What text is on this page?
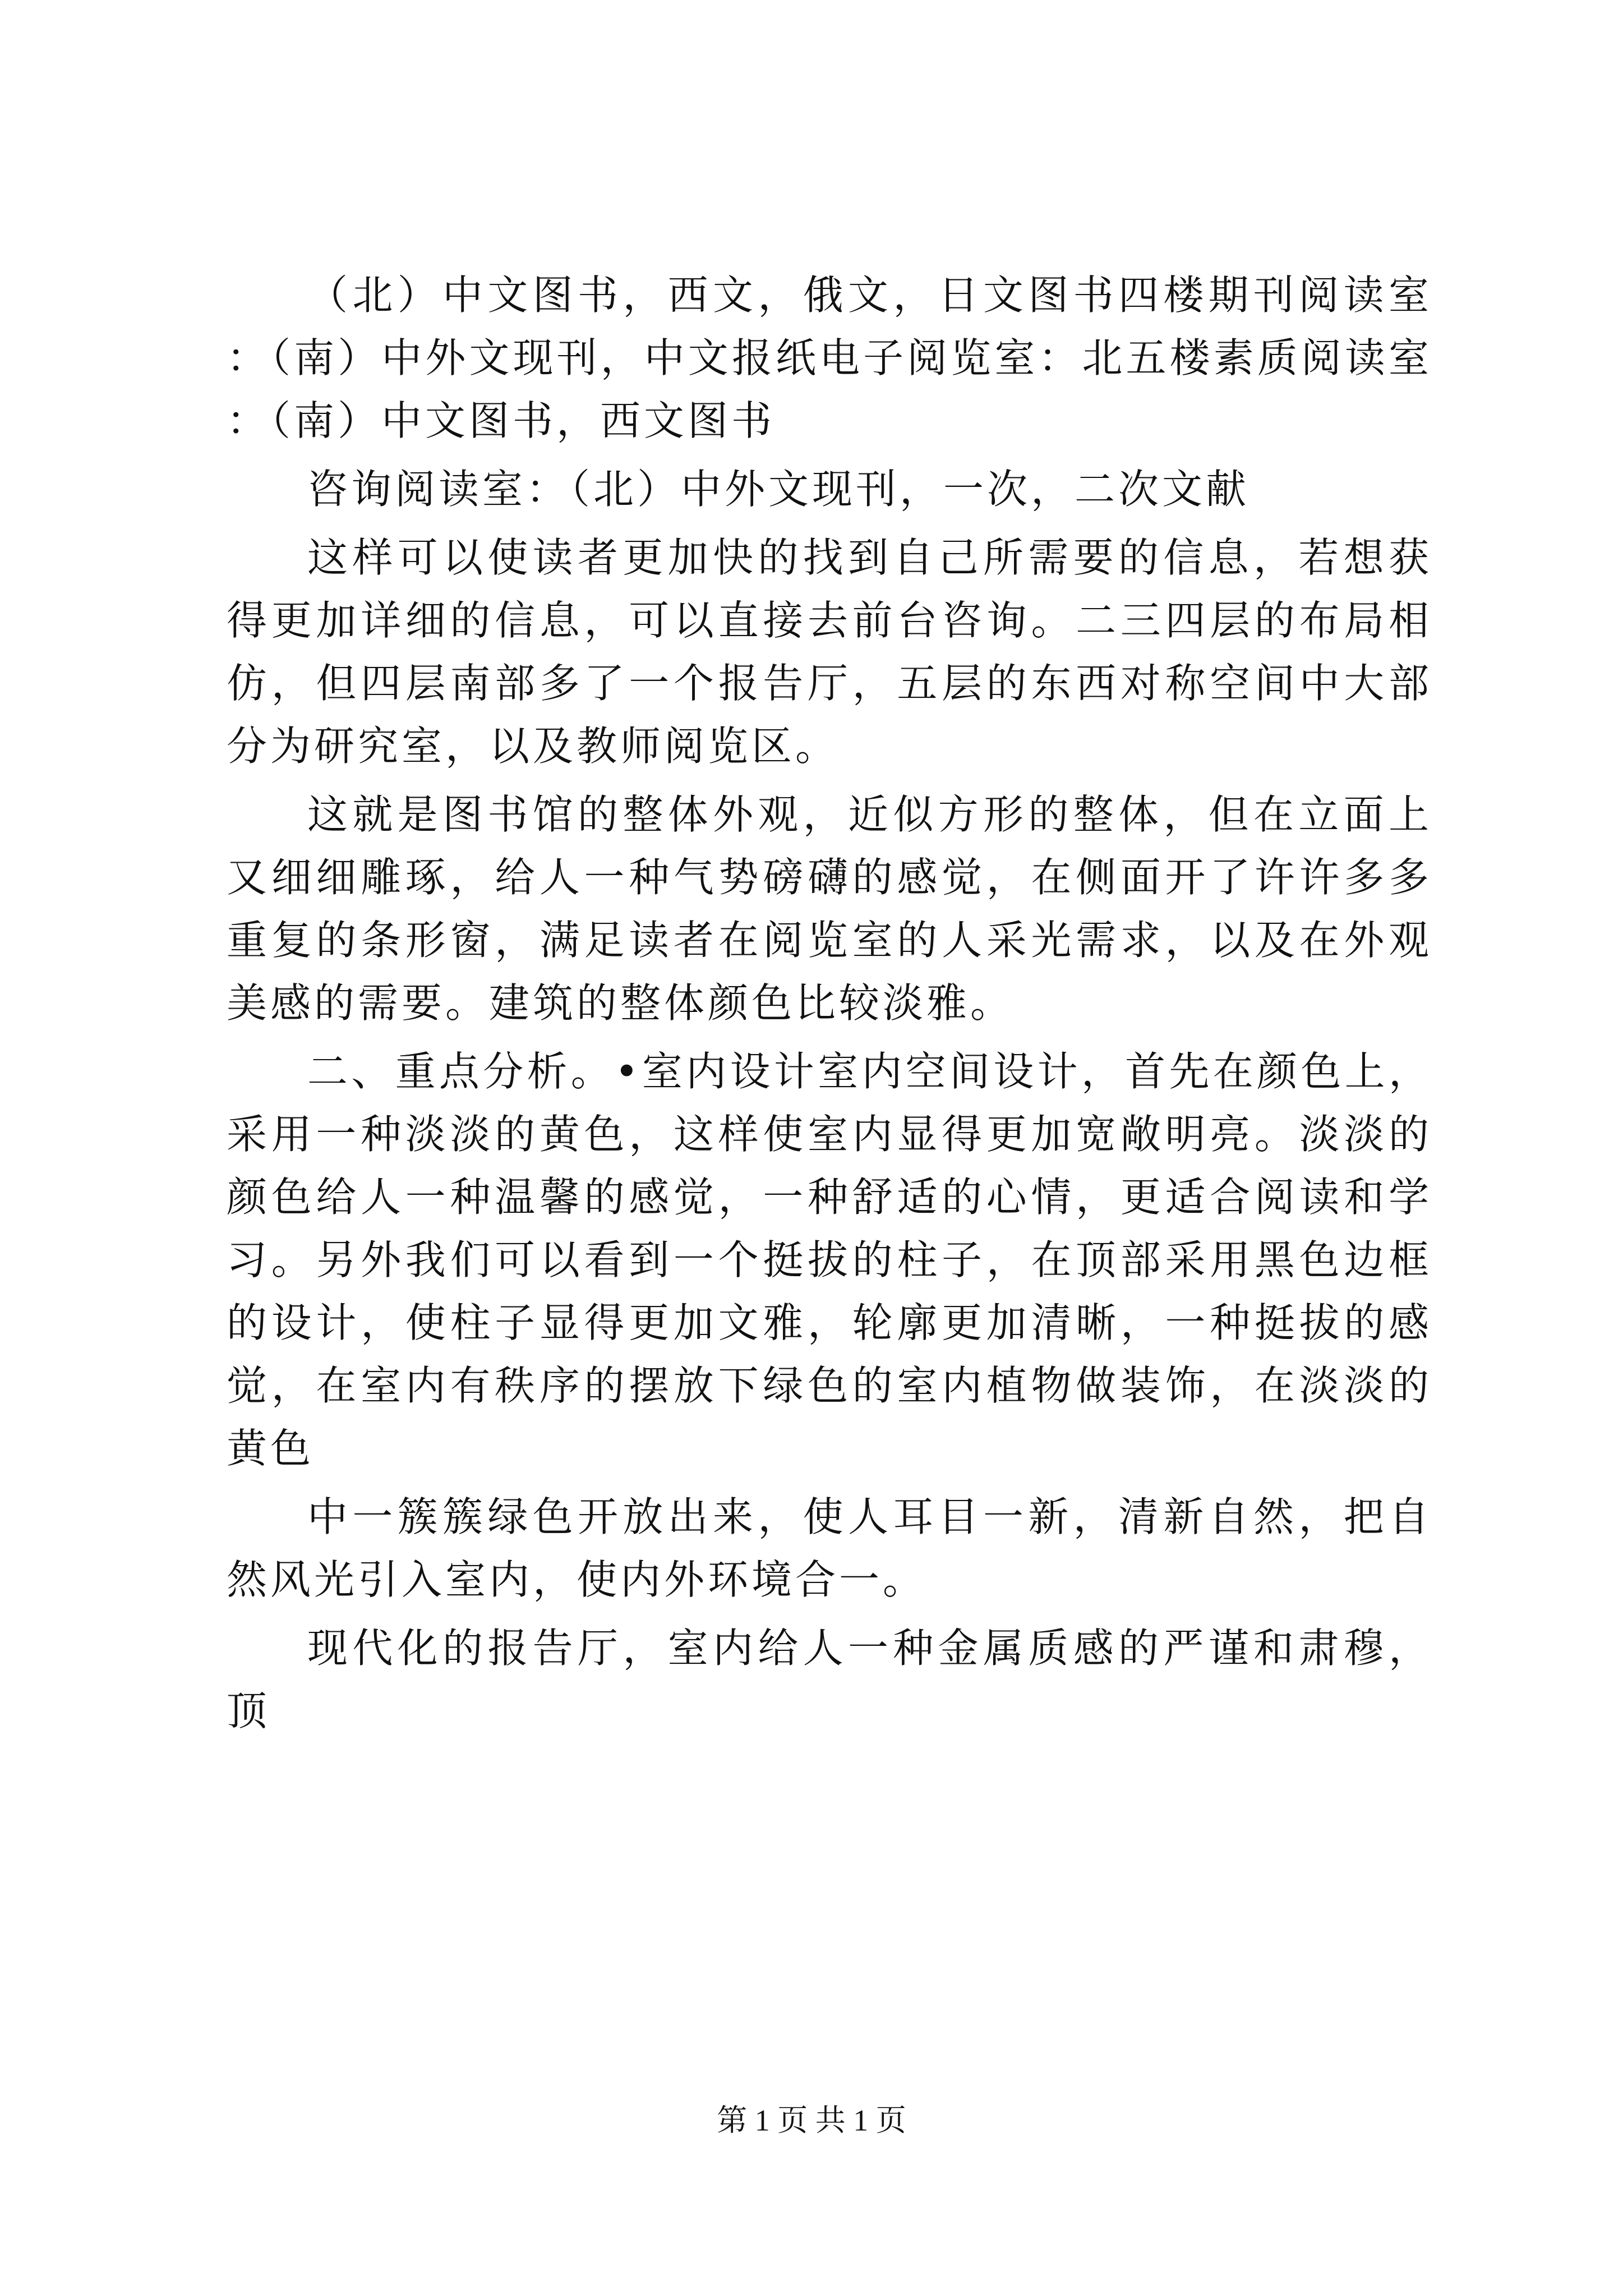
（北）中文图书，西文，俄文，日文图书四楼期刊阅读室：（南）中外文现刊，中文报纸电子阅览室：北五楼素质阅读室：（南）中文图书，西文图书

咨询阅读室：（北）中外文现刊，一次，二次文献

这样可以使读者更加快的找到自己所需要的信息，若想获得更加详细的信息，可以直接去前台咨询。二三四层的布局相仿，但四层南部多了一个报告厅，五层的东西对称空间中大部分为研究室，以及教师阅览区。

这就是图书馆的整体外观，近似方形的整体，但在立面上又细细雕琢，给人一种气势磅礴的感觉，在侧面开了许许多多重复的条形窗，满足读者在阅览室的人采光需求，以及在外观美感的需要。建筑的整体颜色比较淡雅。

二、重点分析。•室内设计室内空间设计，首先在颜色上，采用一种淡淡的黄色，这样使室内显得更加宽敞明亮。淡淡的颜色给人一种温馨的感觉，一种舒适的心情，更适合阅读和学习。另外我们可以看到一个挺拔的柱子，在顶部采用黑色边框的设计，使柱子显得更加文雅，轮廓更加清晰，一种挺拔的感觉，在室内有秩序的摆放下绿色的室内植物做装饰，在淡淡的黄色

中一簇簇绿色开放出来，使人耳目一新，清新自然，把自然风光引入室内，使内外环境合一。

现代化的报告厅，室内给人一种金属质感的严谨和肃穆，顶

第 1 页 共 1 页
